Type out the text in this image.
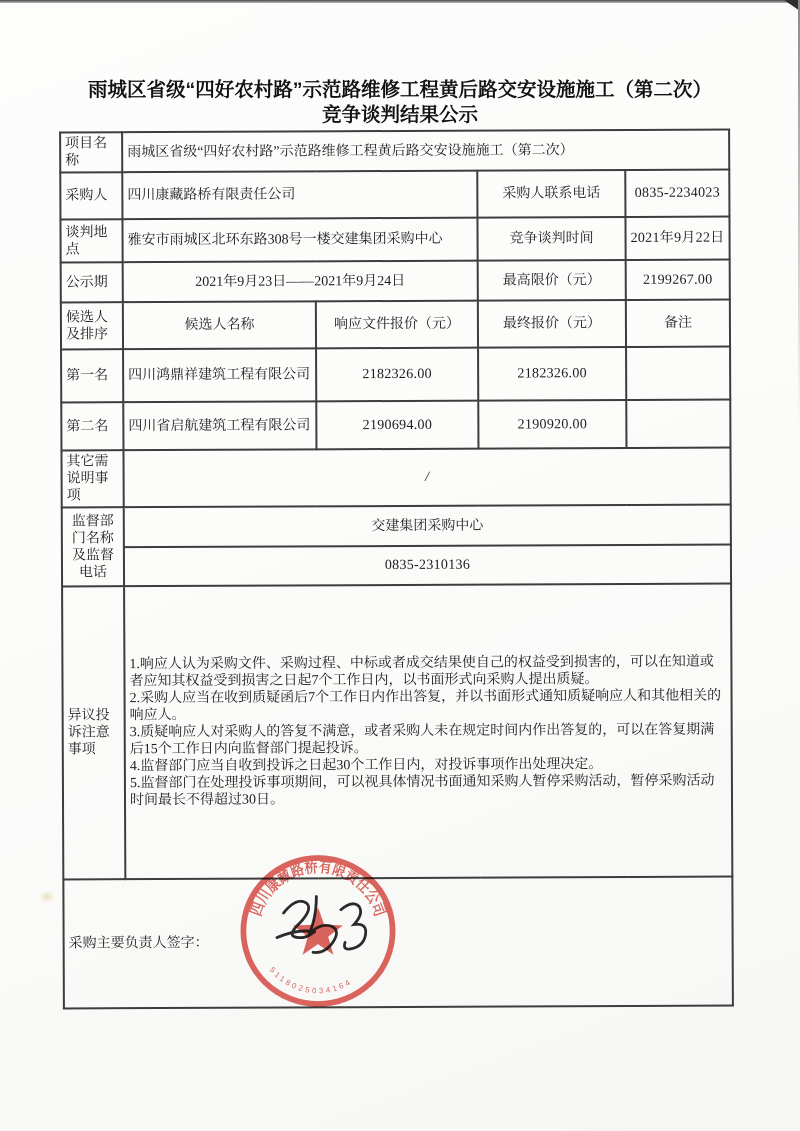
雨城区省级“四好农村路”示范路维修工程黄后路交安设施施工（第二次）
竞争谈判结果公示
项目名称	雨城区省级“四好农村路”示范路维修工程黄后路交安设施施工（第二次）			
采购人	四川康藏路桥有限责任公司		采购人联系电话	0835-2234023
谈判地点	雅安市雨城区北环东路308号一楼交建集团采购中心		竞争谈判时间	2021年9月22日
公示期	2021年9月23日——2021年9月24日		最高限价（元）	2199267.00
候选人及排序	候选人名称	响应文件报价（元）	最终报价（元）	备注
第一名	四川鸿鼎祥建筑工程有限公司	2182326.00	2182326.00	
第二名	四川省启航建筑工程有限公司	2190694.00	2190920.00	
其它需说明事项	/			
监督部门名称及监督电话	交建集团采购中心			
	0835-2310136			
异议投诉注意事项	1.响应人认为采购文件、采购过程、中标或者成交结果使自己的权益受到损害的，可以在知道或者应知其权益受到损害之日起7个工作日内，以书面形式向采购人提出质疑。
2.采购人应当在收到质疑函后7个工作日内作出答复，并以书面形式通知质疑响应人和其他相关的响应人。
3.质疑响应人对采购人的答复不满意，或者采购人未在规定时间内作出答复的，可以在答复期满后15个工作日内向监督部门提起投诉。
4.监督部门应当自收到投诉之日起30个工作日内，对投诉事项作出处理决定。
5.监督部门在处理投诉事项期间，可以视具体情况书面通知采购人暂停采购活动，暂停采购活动时间最长不得超过30日。			

采购主要负责人签字：				
四川康藏路桥有限责任公司
5118025034164
